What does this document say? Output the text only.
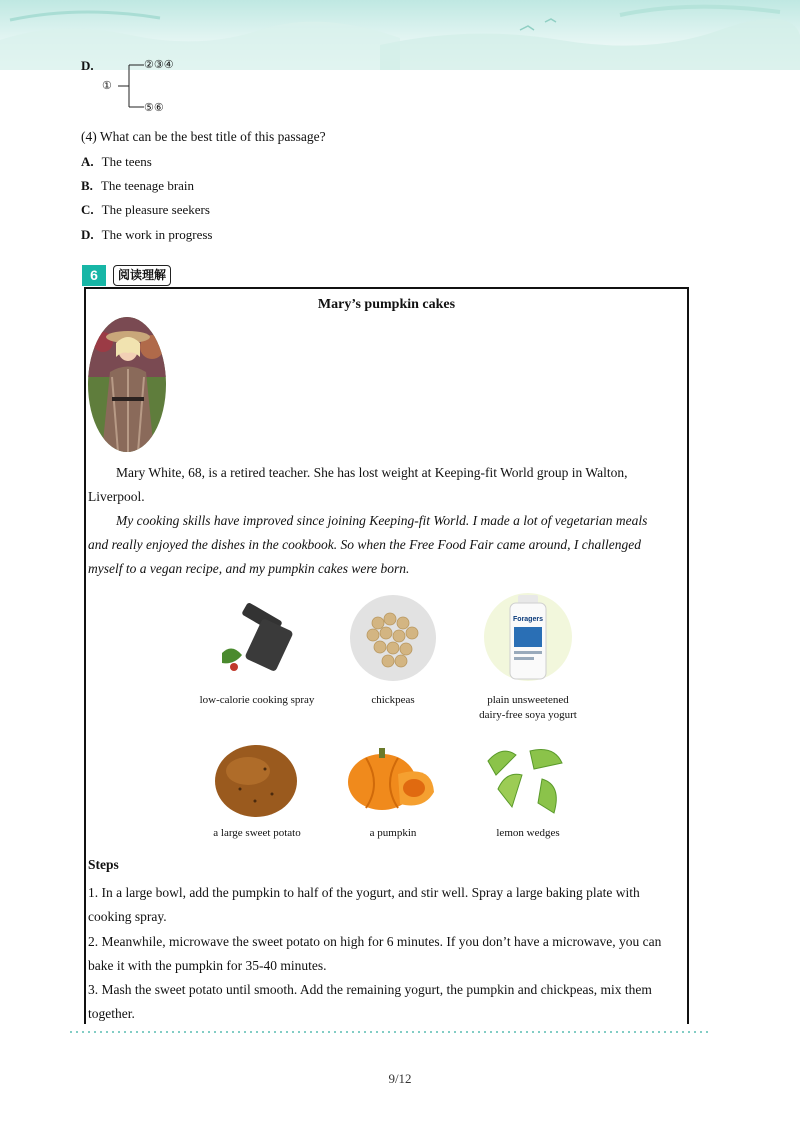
D.
①
②③④
⑤⑥
(4) What can be the best title of this passage?
A. The teens
B. The teenage brain
C. The pleasure seekers
D. The work in progress
6	阅读理解
Mary’s pumpkin cakes
Mary White, 68, is a retired teacher. She has lost weight at Keeping-fit World group in Walton,
Liverpool.
My cooking skills have improved since joining Keeping-fit World. I made a lot of vegetarian meals
and really enjoyed the dishes in the cookbook. So when the Free Food Fair came around, I challenged
myself to a vegan recipe, and my pumpkin cakes were born.
Foragers
low-calorie cooking spray	chickpeas	plain unsweetened
dairy-free soya yogurt
a large sweet potato	a pumpkin	lemon wedges
Steps
1. In a large bowl, add the pumpkin to half of the yogurt, and stir well. Spray a large baking plate with
cooking spray.
2. Meanwhile, microwave the sweet potato on high for 6 minutes. If you don’t have a microwave, you can
bake it with the pumpkin for 35-40 minutes.
3. Mash the sweet potato until smooth. Add the remaining yogurt, the pumpkin and chickpeas, mix them
together.
9/12
